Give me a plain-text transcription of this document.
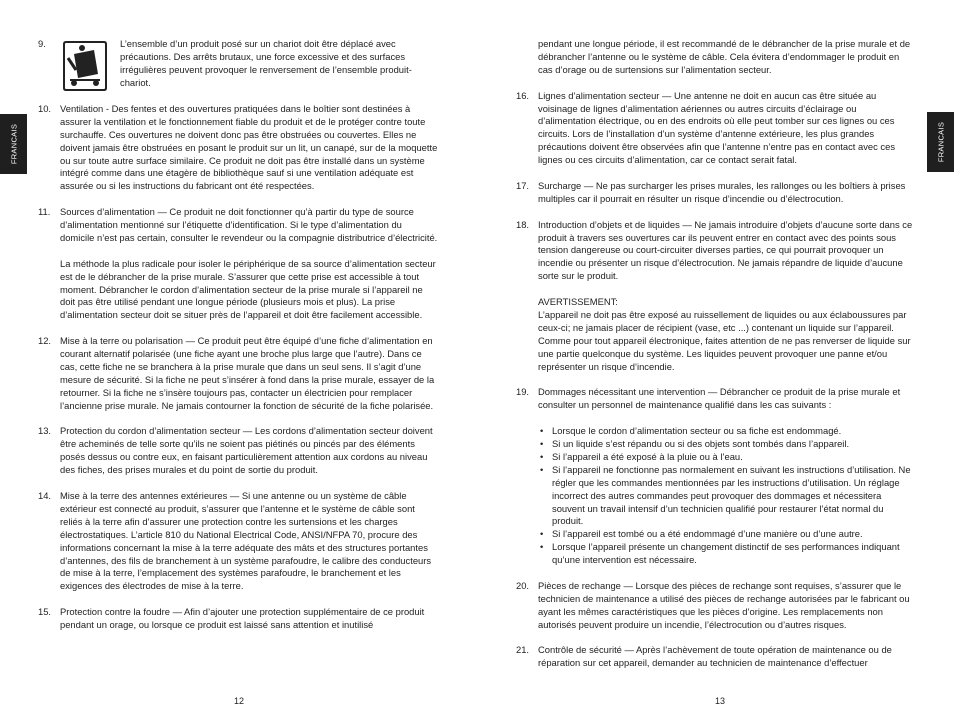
FRANCAIS
9.	L’ensemble d’un produit posé sur un chariot doit être déplacé avec précautions. Des arrêts brutaux, une force excessive et des surfaces irrégulières peuvent provoquer le renversement de l’ensemble produit-chariot.

10. Ventilation - Des fentes et des ouvertures pratiquées dans le boîtier sont destinées à assurer la ventilation et le fonctionnement fiable du produit et de le protéger contre toute surchauffe. Ces ouvertures ne doivent donc pas être obstruées ou couvertes. Elles ne doivent jamais être obstruées en posant le produit sur un lit, un canapé, sur de la moquette ou sur toute autre surface similaire. Ce produit ne doit pas être installé dans un système intégré comme dans une étagère de bibliothèque sauf si une ventilation adéquate est assurée ou si les instructions du fabricant ont été respectées.

11. Sources d’alimentation — Ce produit ne doit fonctionner qu’à partir du type de source d’alimentation mentionné sur l’étiquette d’identification. Si le type d’alimentation du domicile n’est pas certain, consulter le revendeur ou la compagnie distributrice d’électricité.

La méthode la plus radicale pour isoler le périphérique de sa source d’alimentation secteur est de le débrancher de la prise murale. S’assurer que cette prise est accessible à tout moment. Débrancher le cordon d’alimentation secteur de la prise murale si l’appareil ne doit pas être utilisé pendant une longue période (plusieurs mois et plus). La prise d’alimentation secteur doit se situer près de l’appareil et doit être facilement accessible.

12. Mise à la terre ou polarisation — Ce produit peut être équipé d’une fiche d’alimentation en courant alternatif polarisée (une fiche ayant une broche plus large que l’autre). Dans ce cas, cette fiche ne se branchera à la prise murale que dans un seul sens. Il s’agit d’une mesure de sécurité. Si la fiche ne peut s’insérer à fond dans la prise murale, essayer de la retourner. Si la fiche ne s’insère toujours pas, contacter un électricien pour remplacer l’ancienne prise murale. Ne jamais contourner la fonction de sécurité de la fiche polarisée.

13. Protection du cordon d’alimentation secteur — Les cordons d’alimentation secteur doivent être acheminés de telle sorte qu’ils ne soient pas piétinés ou pincés par des éléments posés dessus ou contre eux, en faisant particulièrement attention aux cordons au niveau des fiches, des prises murales et du point de sortie du produit.

14. Mise à la terre des antennes extérieures — Si une antenne ou un système de câble extérieur est connecté au produit, s’assurer que l’antenne et le système de câble sont reliés à la terre afin d’assurer une protection contre les surtensions et les charges électrostatiques. L’article 810 du National Electrical Code, ANSI/NFPA 70, procure des informations concernant la mise à la terre adéquate des mâts et des structures portantes d’antennes, des fils de branchement à un système parafoudre, le calibre des conducteurs de mise à la terre, l’emplacement des systèmes parafoudre, le branchement et les exigences des électrodes de mise à la terre.

15. Protection contre la foudre — Afin d’ajouter une protection supplémentaire de ce produit pendant un orage, ou lorsque ce produit est laissé sans attention et inutilisé

12
FRANCAIS

pendant une longue période, il est recommandé de le débrancher de la prise murale et de débrancher l’antenne ou le système de câble. Cela évitera d’endommager le produit en cas d’orage ou de surtensions sur l’alimentation secteur.

16. Lignes d’alimentation secteur — Une antenne ne doit en aucun cas être située au voisinage de lignes d’alimentation aériennes ou autres circuits d’éclairage ou d’alimentation électrique, ou en des endroits où elle peut tomber sur ces lignes ou ces circuits. Lors de l’installation d’un système d’antenne extérieure, les plus grandes précautions doivent être observées afin que l’antenne n’entre pas en contact avec ces lignes ou ces circuits d’alimentation, car ce contact serait fatal.

17. Surcharge — Ne pas surcharger les prises murales, les rallonges ou les boîtiers à prises multiples car il pourrait en résulter un risque d’incendie ou d’électrocution.

18. Introduction d’objets et de liquides — Ne jamais introduire d’objets d’aucune sorte dans ce produit à travers ses ouvertures car ils peuvent entrer en contact avec des points sous tension dangereuse ou court-circuiter diverses parties, ce qui pourrait provoquer un incendie ou présenter un risque d’électrocution. Ne jamais répandre de liquide d’aucune sorte sur le produit.

AVERTISSEMENT:
L’appareil ne doit pas être exposé au ruissellement de liquides ou aux éclaboussures par ceux-ci; ne jamais placer de récipient (vase, etc ...) contenant un liquide sur l’appareil. Comme pour tout appareil électronique, faites attention de ne pas renverser de liquide sur une partie quelconque du système. Les liquides peuvent provoquer une panne et/ou représenter un risque d’incendie.

19. Dommages nécessitant une intervention — Débrancher ce produit de la prise murale et consulter un personnel de maintenance qualifié dans les cas suivants :

• Lorsque le cordon d’alimentation secteur ou sa fiche est endommagé.
• Si un liquide s’est répandu ou si des objets sont tombés dans l’appareil.
• Si l’appareil a été exposé à la pluie ou à l’eau.
• Si l’appareil ne fonctionne pas normalement en suivant les instructions d’utilisation. Ne régler que les commandes mentionnées par les instructions d’utilisation. Un réglage incorrect des autres commandes peut provoquer des dommages et nécessitera souvent un travail intensif d’un technicien qualifié pour restaurer l’état normal du produit.
• Si l’appareil est tombé ou a été endommagé d’une manière ou d’une autre.
• Lorsque l’appareil présente un changement distinctif de ses performances indiquant qu’une intervention est nécessaire.
20. Pièces de rechange — Lorsque des pièces de rechange sont requises, s’assurer que le technicien de maintenance a utilisé des pièces de rechange autorisées par le fabricant ou ayant les mêmes caractéristiques que les pièces d’origine. Les remplacements non autorisés peuvent produire un incendie, l’électrocution ou d’autres risques.

21. Contrôle de sécurité — Après l’achèvement de toute opération de maintenance ou de réparation sur cet appareil, demander au technicien de maintenance d’effectuer

13
